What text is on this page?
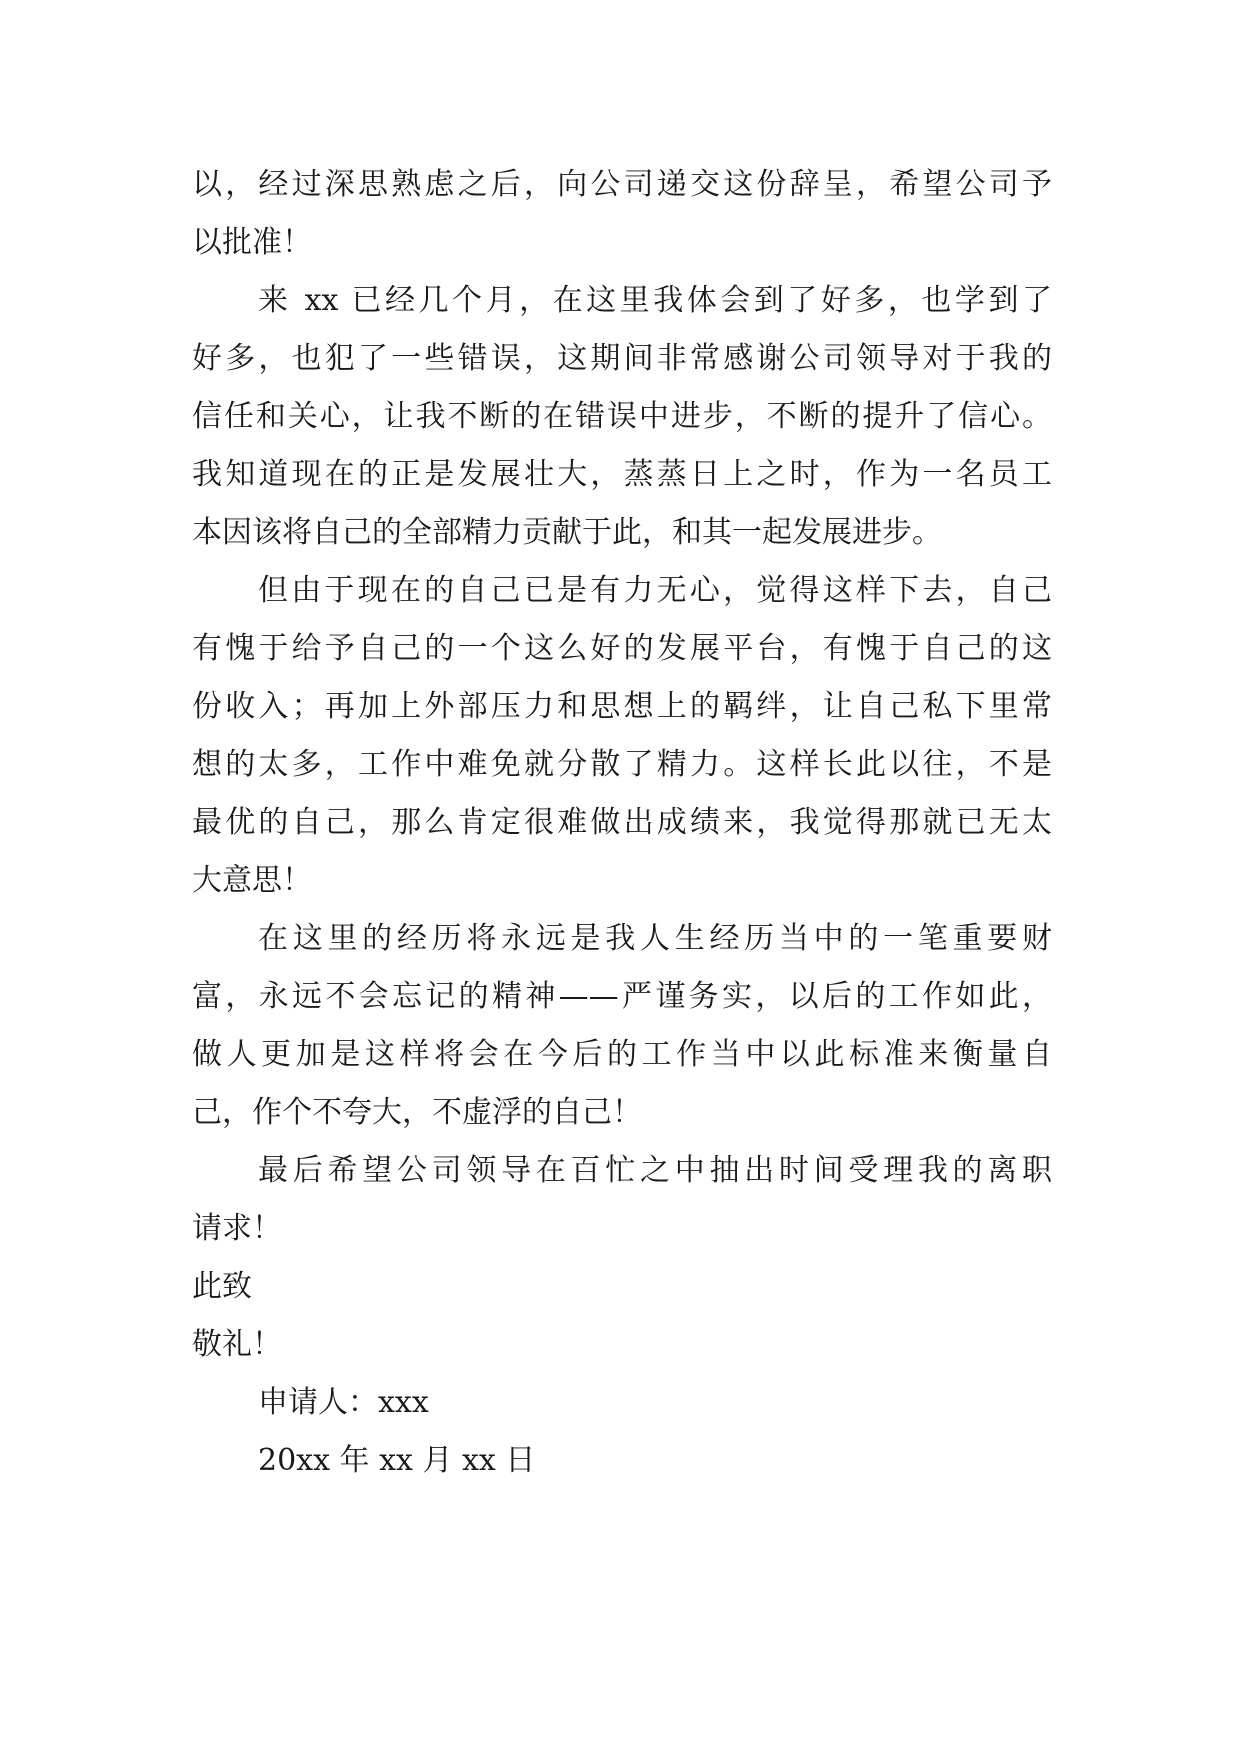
以，经过深思熟虑之后，向公司递交这份辞呈，希望公司予
以批准！
来 xx 已经几个月，在这里我体会到了好多，也学到了
好多，也犯了一些错误，这期间非常感谢公司领导对于我的
信任和关心，让我不断的在错误中进步，不断的提升了信心。
我知道现在的正是发展壮大，蒸蒸日上之时，作为一名员工
本因该将自己的全部精力贡献于此，和其一起发展进步。
但由于现在的自己已是有力无心，觉得这样下去，自己
有愧于给予自己的一个这么好的发展平台，有愧于自己的这
份收入；再加上外部压力和思想上的羁绊，让自己私下里常
想的太多，工作中难免就分散了精力。这样长此以往，不是
最优的自己，那么肯定很难做出成绩来，我觉得那就已无太
大意思！
在这里的经历将永远是我人生经历当中的一笔重要财
富，永远不会忘记的精神——严谨务实，以后的工作如此，
做人更加是这样将会在今后的工作当中以此标准来衡量自
己，作个不夸大，不虚浮的自己！
最后希望公司领导在百忙之中抽出时间受理我的离职
请求！
此致
敬礼！
申请人：xxx
20xx 年 xx 月 xx 日
